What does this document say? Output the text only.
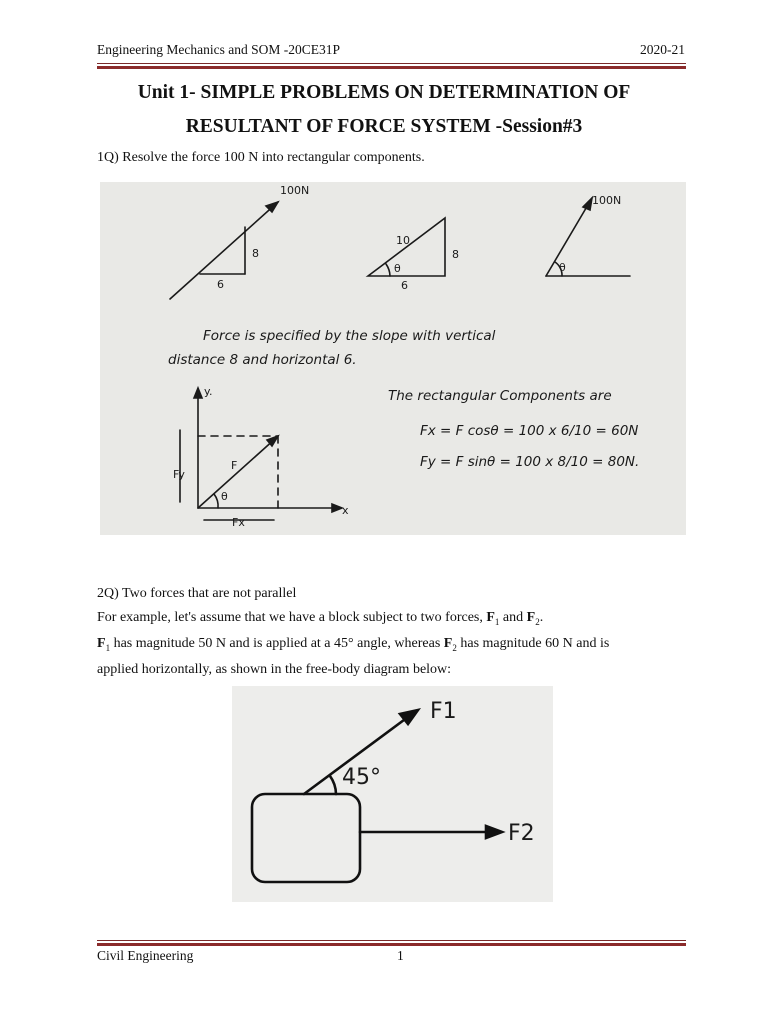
Engineering Mechanics and SOM -20CE31P	2020-21
Unit 1- SIMPLE PROBLEMS ON DETERMINATION OF
RESULTANT OF FORCE SYSTEM -Session#3
1Q) Resolve the force 100 N into rectangular components.
100N
8
6
10
8
6
θ
100N
θ
Force is specified by the slope with vertical
distance 8 and horizontal 6.
The rectangular Components are
Fx = F cosθ = 100 x 6/10 = 60N
Fy = F sinθ = 100 x 8/10 = 80N.
y.
x
F
Fy
Fx
θ
2Q) Two forces that are not parallel
For example, let's assume that we have a block subject to two forces, $F_1$ and $F_2$.
$F_1$ has magnitude 50 N and is applied at a 45° angle, whereas $F_2$ has magnitude 60 N and is
applied horizontally, as shown in the free-body diagram below:
F1
F2
45°
Civil Engineering	1
